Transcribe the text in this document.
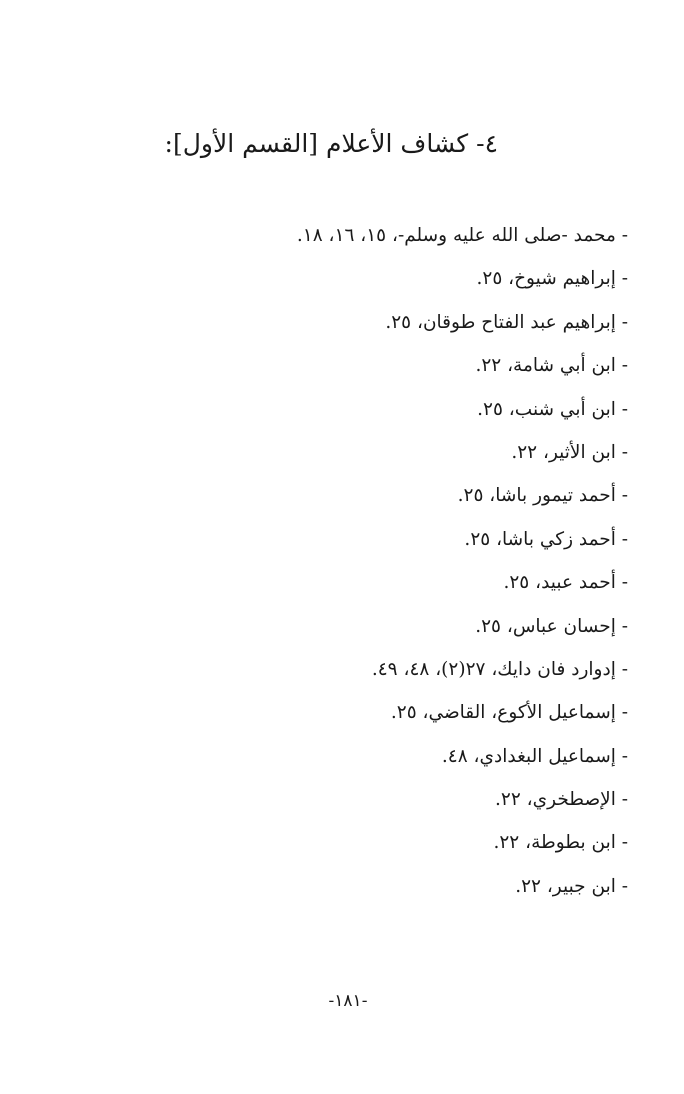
٤- كشاف الأعلام [القسم الأول]:
- محمد -صلى الله عليه وسلم-، ١٥، ١٦، ١٨.
- إبراهيم شيوخ، ٢٥.
- إبراهيم عبد الفتاح طوقان، ٢٥.
- ابن أبي شامة، ٢٢.
- ابن أبي شنب، ٢٥.
- ابن الأثير، ٢٢.
- أحمد تيمور باشا، ٢٥.
- أحمد زكي باشا، ٢٥.
- أحمد عبيد، ٢٥.
- إحسان عباس، ٢٥.
- إدوارد فان دايك، ٢٧(٢)، ٤٨، ٤٩.
- إسماعيل الأكوع، القاضي، ٢٥.
- إسماعيل البغدادي، ٤٨.
- الإصطخري، ٢٢.
- ابن بطوطة، ٢٢.
- ابن جبير، ٢٢.
-١٨١-
